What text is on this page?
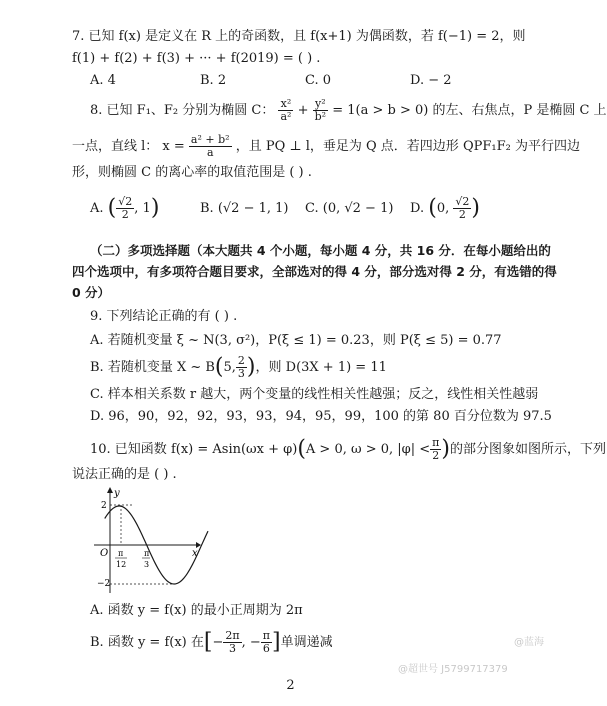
7. 已知 f(x) 是定义在 R 上的奇函数，且 f(x+1) 为偶函数，若 f(−1) = 2，则
f(1) + f(2) + f(3) + ··· + f(2019) = ( ) .
A. 4	B. 2	C. 0	D. − 2
8. 已知 F₁、F₂ 分别为椭圆 C： $\frac{\text{x²}}{\text{a²}} + \frac{\text{y²}}{\text{b²}} = 1(a > b > 0)$ 的左、右焦点，P 是椭圆 C 上
一点，直线 l： $x = \frac{\text{a² + b²}}{a}$ ，且 PQ ⊥ l，垂足为 Q 点．若四边形 QPF₁F₂ 为平行四边
形，则椭圆 C 的离心率的取值范围是 ( ) .
A. ( $\frac{√2}{2}$ , 1)	B. (√2 − 1, 1) C. (0, √2 − 1) D. (0, $\frac{√2}{2}$ )
（二）多项选择题（本大题共 4 个小题，每小题 4 分，共 16 分．在每小题给出的
四个选项中，有多项符合题目要求，全部选对的得 4 分，部分选对得 2 分，有选错的得
0 分）
9. 下列结论正确的有 ( ) .
A. 若随机变量 ξ ~ N(3, σ²)，P(ξ ≤ 1) = 0.23，则 P(ξ ≤ 5) = 0.77
B. 若随机变量 X ~ B(5, $\frac{2}{3}$ )，则 D(3X + 1) = 11
C. 样本相关系数 r 越大，两个变量的线性相关性越强；反之，线性相关性越弱
D. 96，90，92，92，93，93，94，95，99，100 的第 80 百分位数为 97.5
10. 已知函数 f(x) = Asin(ωx + φ)(A > 0, ω > 0, $|\varphi| < \frac{\pi}{2}$ )的部分图象如图所示，下列
说法正确的是 ( ) .
y
x
O
2
−2
π
12
π
3
A. 函数 y = f(x) 的最小正周期为 2π
B. 函数 y = f(x) 在[− $\frac{2\pi}{3}$ , − $\frac{\pi}{6}$ ]单调递减	@蓝海
@超世号 J5799717379
2
